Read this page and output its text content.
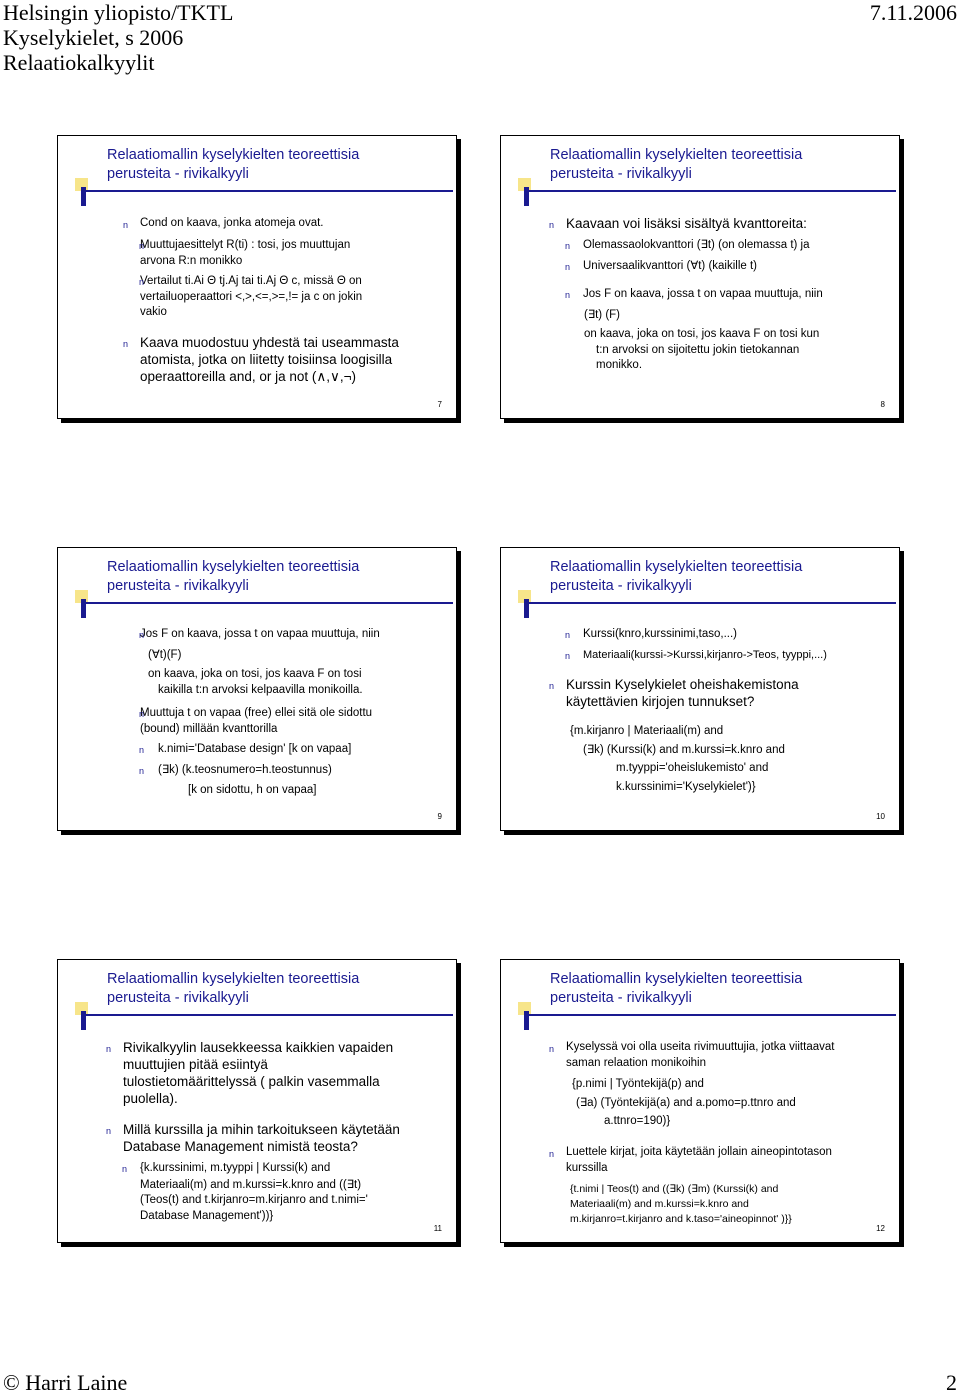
Helsingin yliopisto/TKTL
Kyselykielet, s 2006
Relaatiokalkyylit
7.11.2006
Relaatiomallin kyselykielten teoreettisia
perusteita - rivikalkyyli
n Cond on kaava, jonka atomeja ovat.
n Muuttujaesittelyt R(ti) : tosi, jos muuttujan
arvona R:n monikko
n Vertailut ti.Ai Θ tj.Aj tai ti.Aj Θ c, missä Θ on
vertailuoperaattori <,>,<=,>=,!= ja c on jokin
vakio
n Kaava muodostuu yhdestä tai useammasta
atomista, jotka on liitetty toisiinsa loogisilla
operaattoreilla and, or ja not (∧,∨,¬)
7
Relaatiomallin kyselykielten teoreettisia
perusteita - rivikalkyyli
n Kaavaan voi lisäksi sisältyä kvanttoreita:
n Olemassaolokvanttori (∃t) (on olemassa t) ja
n Universaalikvanttori (∀t) (kaikille t)
n Jos F on kaava, jossa t on vapaa muuttuja, niin
(∃t) (F)
on kaava, joka on tosi, jos kaava F on tosi kun
t:n arvoksi on sijoitettu jokin tietokannan
monikko.
8
Relaatiomallin kyselykielten teoreettisia
perusteita - rivikalkyyli
n Jos F on kaava, jossa t on vapaa muuttuja, niin
(∀t)(F)
on kaava, joka on tosi, jos kaava F on tosi
kaikilla t:n arvoksi kelpaavilla monikoilla.
n Muuttuja t on vapaa (free) ellei sitä ole sidottu
(bound) millään kvanttorilla
n k.nimi='Database design' [k on vapaa]
n (∃k) (k.teosnumero=h.teostunnus)
[k on sidottu, h on vapaa]
9
Relaatiomallin kyselykielten teoreettisia
perusteita - rivikalkyyli
n Kurssi(knro,kurssinimi,taso,...)
n Materiaali(kurssi->Kurssi,kirjanro->Teos, tyyppi,...)
n Kurssin Kyselykielet oheishakemistona
käytettävien kirjojen tunnukset?
{m.kirjanro | Materiaali(m) and
(∃k) (Kurssi(k) and m.kurssi=k.knro and
m.tyyppi='oheislukemisto' and
k.kurssinimi='Kyselykielet')}
10
Relaatiomallin kyselykielten teoreettisia
perusteita - rivikalkyyli
n Rivikalkyylin lausekkeessa kaikkien vapaiden
muuttujien pitää esiintyä
tulostietomäärittelyssä ( palkin vasemmalla
puolella).
n Millä kurssilla ja mihin tarkoitukseen käytetään
Database Management nimistä teosta?
n {k.kurssinimi, m.tyyppi | Kurssi(k) and
Materiaali(m) and m.kurssi=k.knro and ((∃t)
(Teos(t) and t.kirjanro=m.kirjanro and t.nimi='
Database Management'))}
11
Relaatiomallin kyselykielten teoreettisia
perusteita - rivikalkyyli
n Kyselyssä voi olla useita rivimuuttujia, jotka viittaavat
saman relaation monikoihin
{p.nimi | Työntekijä(p) and
(∃a) (Työntekijä(a) and a.pomo=p.ttnro and
a.ttnro=190)}
n Luettele kirjat, joita käytetään jollain aineopintotason
kurssilla
{t.nimi | Teos(t) and ((∃k) (∃m) (Kurssi(k) and
Materiaali(m) and m.kurssi=k.knro and
m.kirjanro=t.kirjanro and k.taso='aineopinnot' )}}
12
© Harri Laine	2
